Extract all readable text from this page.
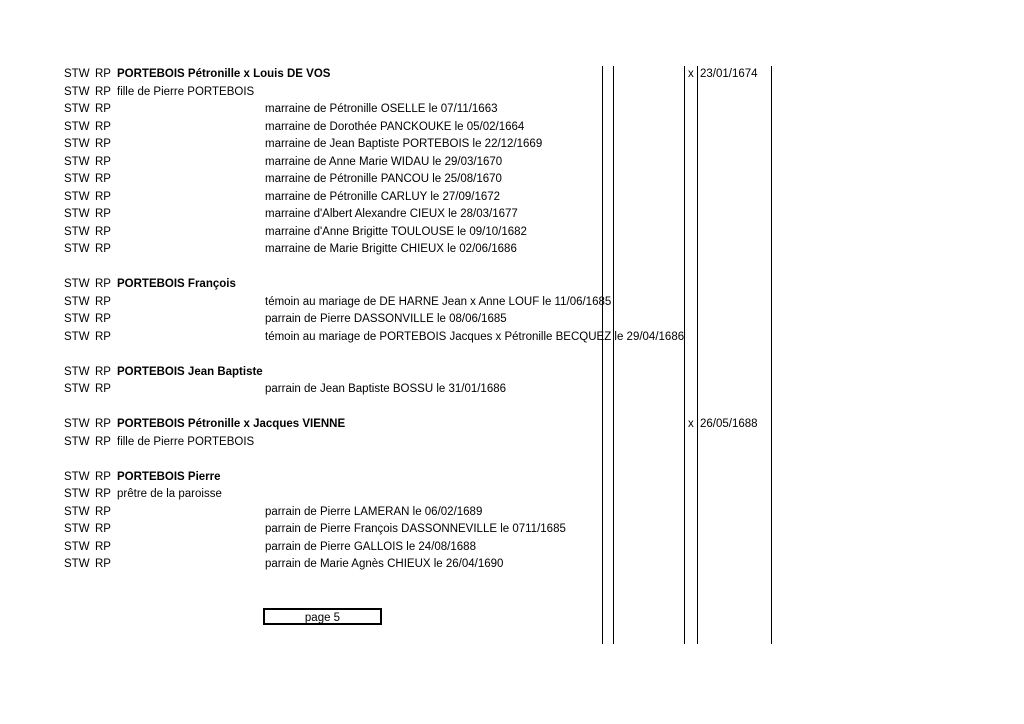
STW RP PORTEBOIS Pétronille x Louis DE VOS	x 23/01/1674
STW RP fille de Pierre PORTEBOIS
STW RP	marraine de Pétronille OSELLE le 07/11/1663
STW RP	marraine de Dorothée PANCKOUKE le 05/02/1664
STW RP	marraine de Jean Baptiste PORTEBOIS le 22/12/1669
STW RP	marraine de Anne Marie WIDAU le 29/03/1670
STW RP	marraine de Pétronille PANCOU le 25/08/1670
STW RP	marraine de Pétronille CARLUY le 27/09/1672
STW RP	marraine d'Albert Alexandre CIEUX le 28/03/1677
STW RP	marraine d'Anne Brigitte TOULOUSE le 09/10/1682
STW RP	marraine de Marie Brigitte CHIEUX le 02/06/1686
STW RP PORTEBOIS François
STW RP	témoin au mariage de DE HARNE Jean x Anne LOUF le 11/06/1685
STW RP	parrain de Pierre DASSONVILLE le 08/06/1685
STW RP	témoin au mariage de PORTEBOIS Jacques x Pétronille BECQUEZ le 29/04/1686
STW RP PORTEBOIS Jean Baptiste
STW RP	parrain de Jean Baptiste BOSSU le 31/01/1686
STW RP PORTEBOIS Pétronille x Jacques VIENNE	x 26/05/1688
STW RP fille de Pierre PORTEBOIS
STW RP PORTEBOIS Pierre
STW RP prêtre de la paroisse
STW RP	parrain de Pierre LAMERAN le 06/02/1689
STW RP	parrain de Pierre François DASSONNEVILLE le 0711/1685
STW RP	parrain de Pierre GALLOIS le 24/08/1688
STW RP	parrain de Marie Agnès CHIEUX le 26/04/1690
page 5
